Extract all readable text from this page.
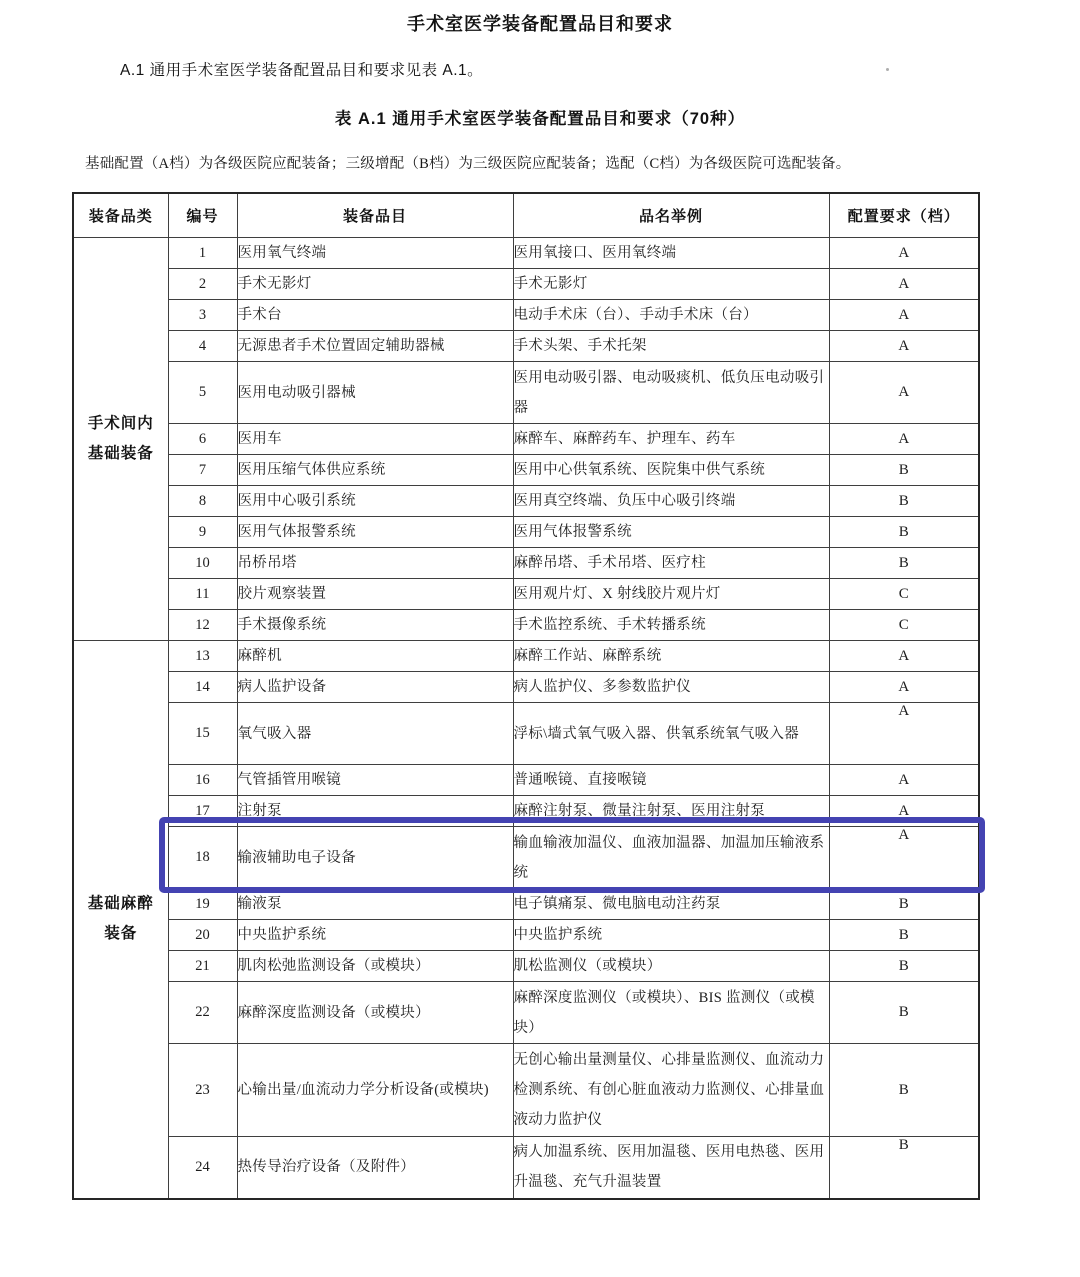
手术室医学装备配置品目和要求
A.1 通用手术室医学装备配置品目和要求见表 A.1。
表 A.1 通用手术室医学装备配置品目和要求（70种）
基础配置（A档）为各级医院应配装备；三级增配（B档）为三级医院应配装备；选配（C档）为各级医院可选配装备。
装备品类	编号	装备品目	品名举例	配置要求（档）

手术间内
基础装备	1	医用氧气终端	医用氧接口、医用氧终端	A
	2	手术无影灯	手术无影灯	A
	3	手术台	电动手术床（台）、手动手术床（台）	A
	4	无源患者手术位置固定辅助器械	手术头架、手术托架	A
	5	医用电动吸引器械	医用电动吸引器、电动吸痰机、低负压电动吸引器	A
	6	医用车	麻醉车、麻醉药车、护理车、药车	A
	7	医用压缩气体供应系统	医用中心供氧系统、医院集中供气系统	B
	8	医用中心吸引系统	医用真空终端、负压中心吸引终端	B
	9	医用气体报警系统	医用气体报警系统	B
	10	吊桥吊塔	麻醉吊塔、手术吊塔、医疗柱	B
	11	胶片观察装置	医用观片灯、X 射线胶片观片灯	C
	12	手术摄像系统	手术监控系统、手术转播系统	C

基础麻醉
装备	13	麻醉机	麻醉工作站、麻醉系统	A
	14	病人监护设备	病人监护仪、多参数监护仪	A
	15	氧气吸入器	浮标\墙式氧气吸入器、供氧系统氧气吸入器	A
	16	气管插管用喉镜	普通喉镜、直接喉镜	A
	17	注射泵	麻醉注射泵、微量注射泵、医用注射泵	A
	18	输液辅助电子设备	输血输液加温仪、血液加温器、加温加压输液系统	A
	19	输液泵	电子镇痛泵、微电脑电动注药泵	B
	20	中央监护系统	中央监护系统	B
	21	肌肉松弛监测设备（或模块）	肌松监测仪（或模块）	B
	22	麻醉深度监测设备（或模块）	麻醉深度监测仪（或模块）、BIS 监测仪（或模块）	B
	23	心输出量/血流动力学分析设备(或模块)	无创心输出量测量仪、心排量监测仪、血流动力检测系统、有创心脏血液动力监测仪、心排量血液动力监护仪	B
	24	热传导治疗设备（及附件）	病人加温系统、医用加温毯、医用电热毯、医用升温毯、充气升温装置	B
